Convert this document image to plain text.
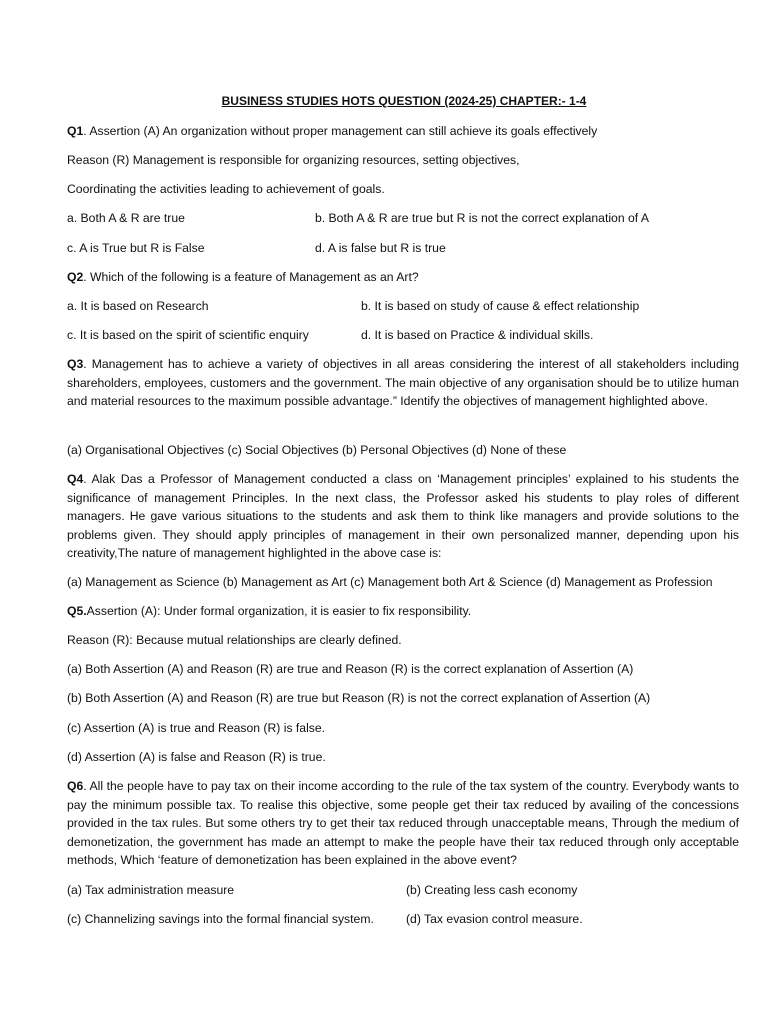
BUSINESS STUDIES HOTS QUESTION (2024-25) CHAPTER:- 1-4
Q1. Assertion (A) An organization without proper management can still achieve its goals effectively
Reason (R) Management is responsible for organizing resources, setting objectives,
Coordinating the activities leading to achievement of goals.
a. Both A & R are true	b. Both A & R are true but R is not the correct explanation of A
c. A is True but R is False	d. A is false but R is true
Q2. Which of the following is a feature of Management as an Art?
a. It is based on Research	b. It is based on study of cause & effect relationship
c. It is based on the spirit of scientific enquiry	d. It is based on Practice & individual skills.
Q3. Management has to achieve a variety of objectives in all areas considering the interest of all stakeholders including shareholders, employees, customers and the government. The main objective of any organisation should be to utilize human and material resources to the maximum possible advantage.” Identify the objectives of management highlighted above.
(a) Organisational Objectives (c) Social Objectives (b) Personal Objectives (d) None of these
Q4. Alak Das a Professor of Management conducted a class on ‘Management principles’ explained to his students the significance of management Principles. In the next class, the Professor asked his students to play roles of different managers. He gave various situations to the students and ask them to think like managers and provide solutions to the problems given. They should apply principles of management in their own personalized manner, depending upon his creativity,The nature of management highlighted in the above case is:
(a) Management as Science (b) Management as Art (c) Management both Art & Science (d) Management as Profession
Q5.Assertion (A): Under formal organization, it is easier to fix responsibility.
Reason (R): Because mutual relationships are clearly defined.
(a) Both Assertion (A) and Reason (R) are true and Reason (R) is the correct explanation of Assertion (A)
(b) Both Assertion (A) and Reason (R) are true but Reason (R) is not the correct explanation of Assertion (A)
(c) Assertion (A) is true and Reason (R) is false.
(d) Assertion (A) is false and Reason (R) is true.
Q6. All the people have to pay tax on their income according to the rule of the tax system of the country. Everybody wants to pay the minimum possible tax. To realise this objective, some people get their tax reduced by availing of the concessions provided in the tax rules. But some others try to get their tax reduced through unacceptable means, Through the medium of demonetization, the government has made an attempt to make the people have their tax reduced through only acceptable methods, Which ‘feature of demonetization has been explained in the above event?
(a) Tax administration measure	(b) Creating less cash economy
(c) Channelizing savings into the formal financial system.	(d) Tax evasion control measure.
